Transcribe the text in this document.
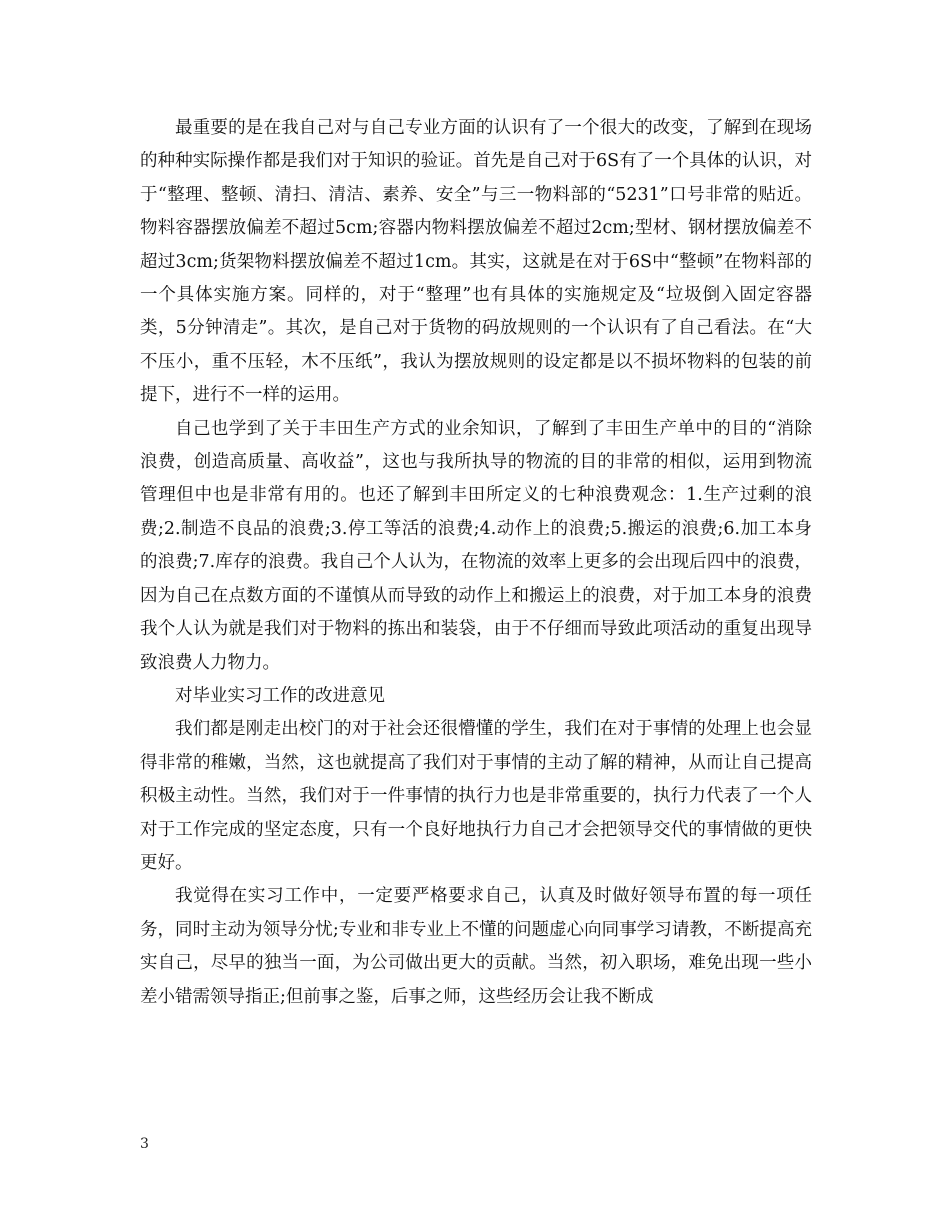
最重要的是在我自己对与自己专业方面的认识有了一个很大的改变，了解到在现场的种种实际操作都是我们对于知识的验证。首先是自己对于6S有了一个具体的认识，对于“整理、整顿、清扫、清洁、素养、安全”与三一物料部的“5231”口号非常的贴近。物料容器摆放偏差不超过5cm;容器内物料摆放偏差不超过2cm;型材、钢材摆放偏差不超过3cm;货架物料摆放偏差不超过1cm。其实，这就是在对于6S中“整顿”在物料部的一个具体实施方案。同样的，对于“整理”也有具体的实施规定及“垃圾倒入固定容器类，5分钟清走”。其次，是自己对于货物的码放规则的一个认识有了自己看法。在“大不压小，重不压轻，木不压纸”，我认为摆放规则的设定都是以不损坏物料的包装的前提下，进行不一样的运用。

自己也学到了关于丰田生产方式的业余知识，了解到了丰田生产单中的目的“消除浪费，创造高质量、高收益”，这也与我所执导的物流的目的非常的相似，运用到物流管理但中也是非常有用的。也还了解到丰田所定义的七种浪费观念：1.生产过剩的浪费;2.制造不良品的浪费;3.停工等活的浪费;4.动作上的浪费;5.搬运的浪费;6.加工本身的浪费;7.库存的浪费。我自己个人认为，在物流的效率上更多的会出现后四中的浪费，因为自己在点数方面的不谨慎从而导致的动作上和搬运上的浪费，对于加工本身的浪费我个人认为就是我们对于物料的拣出和装袋，由于不仔细而导致此项活动的重复出现导致浪费人力物力。

对毕业实习工作的改进意见

我们都是刚走出校门的对于社会还很懵懂的学生，我们在对于事情的处理上也会显得非常的稚嫩，当然，这也就提高了我们对于事情的主动了解的精神，从而让自己提高积极主动性。当然，我们对于一件事情的执行力也是非常重要的，执行力代表了一个人对于工作完成的坚定态度，只有一个良好地执行力自己才会把领导交代的事情做的更快更好。

我觉得在实习工作中，一定要严格要求自己，认真及时做好领导布置的每一项任务，同时主动为领导分忧;专业和非专业上不懂的问题虚心向同事学习请教，不断提高充实自己，尽早的独当一面，为公司做出更大的贡献。当然，初入职场，难免出现一些小差小错需领导指正;但前事之鉴，后事之师，这些经历会让我不断成

3
